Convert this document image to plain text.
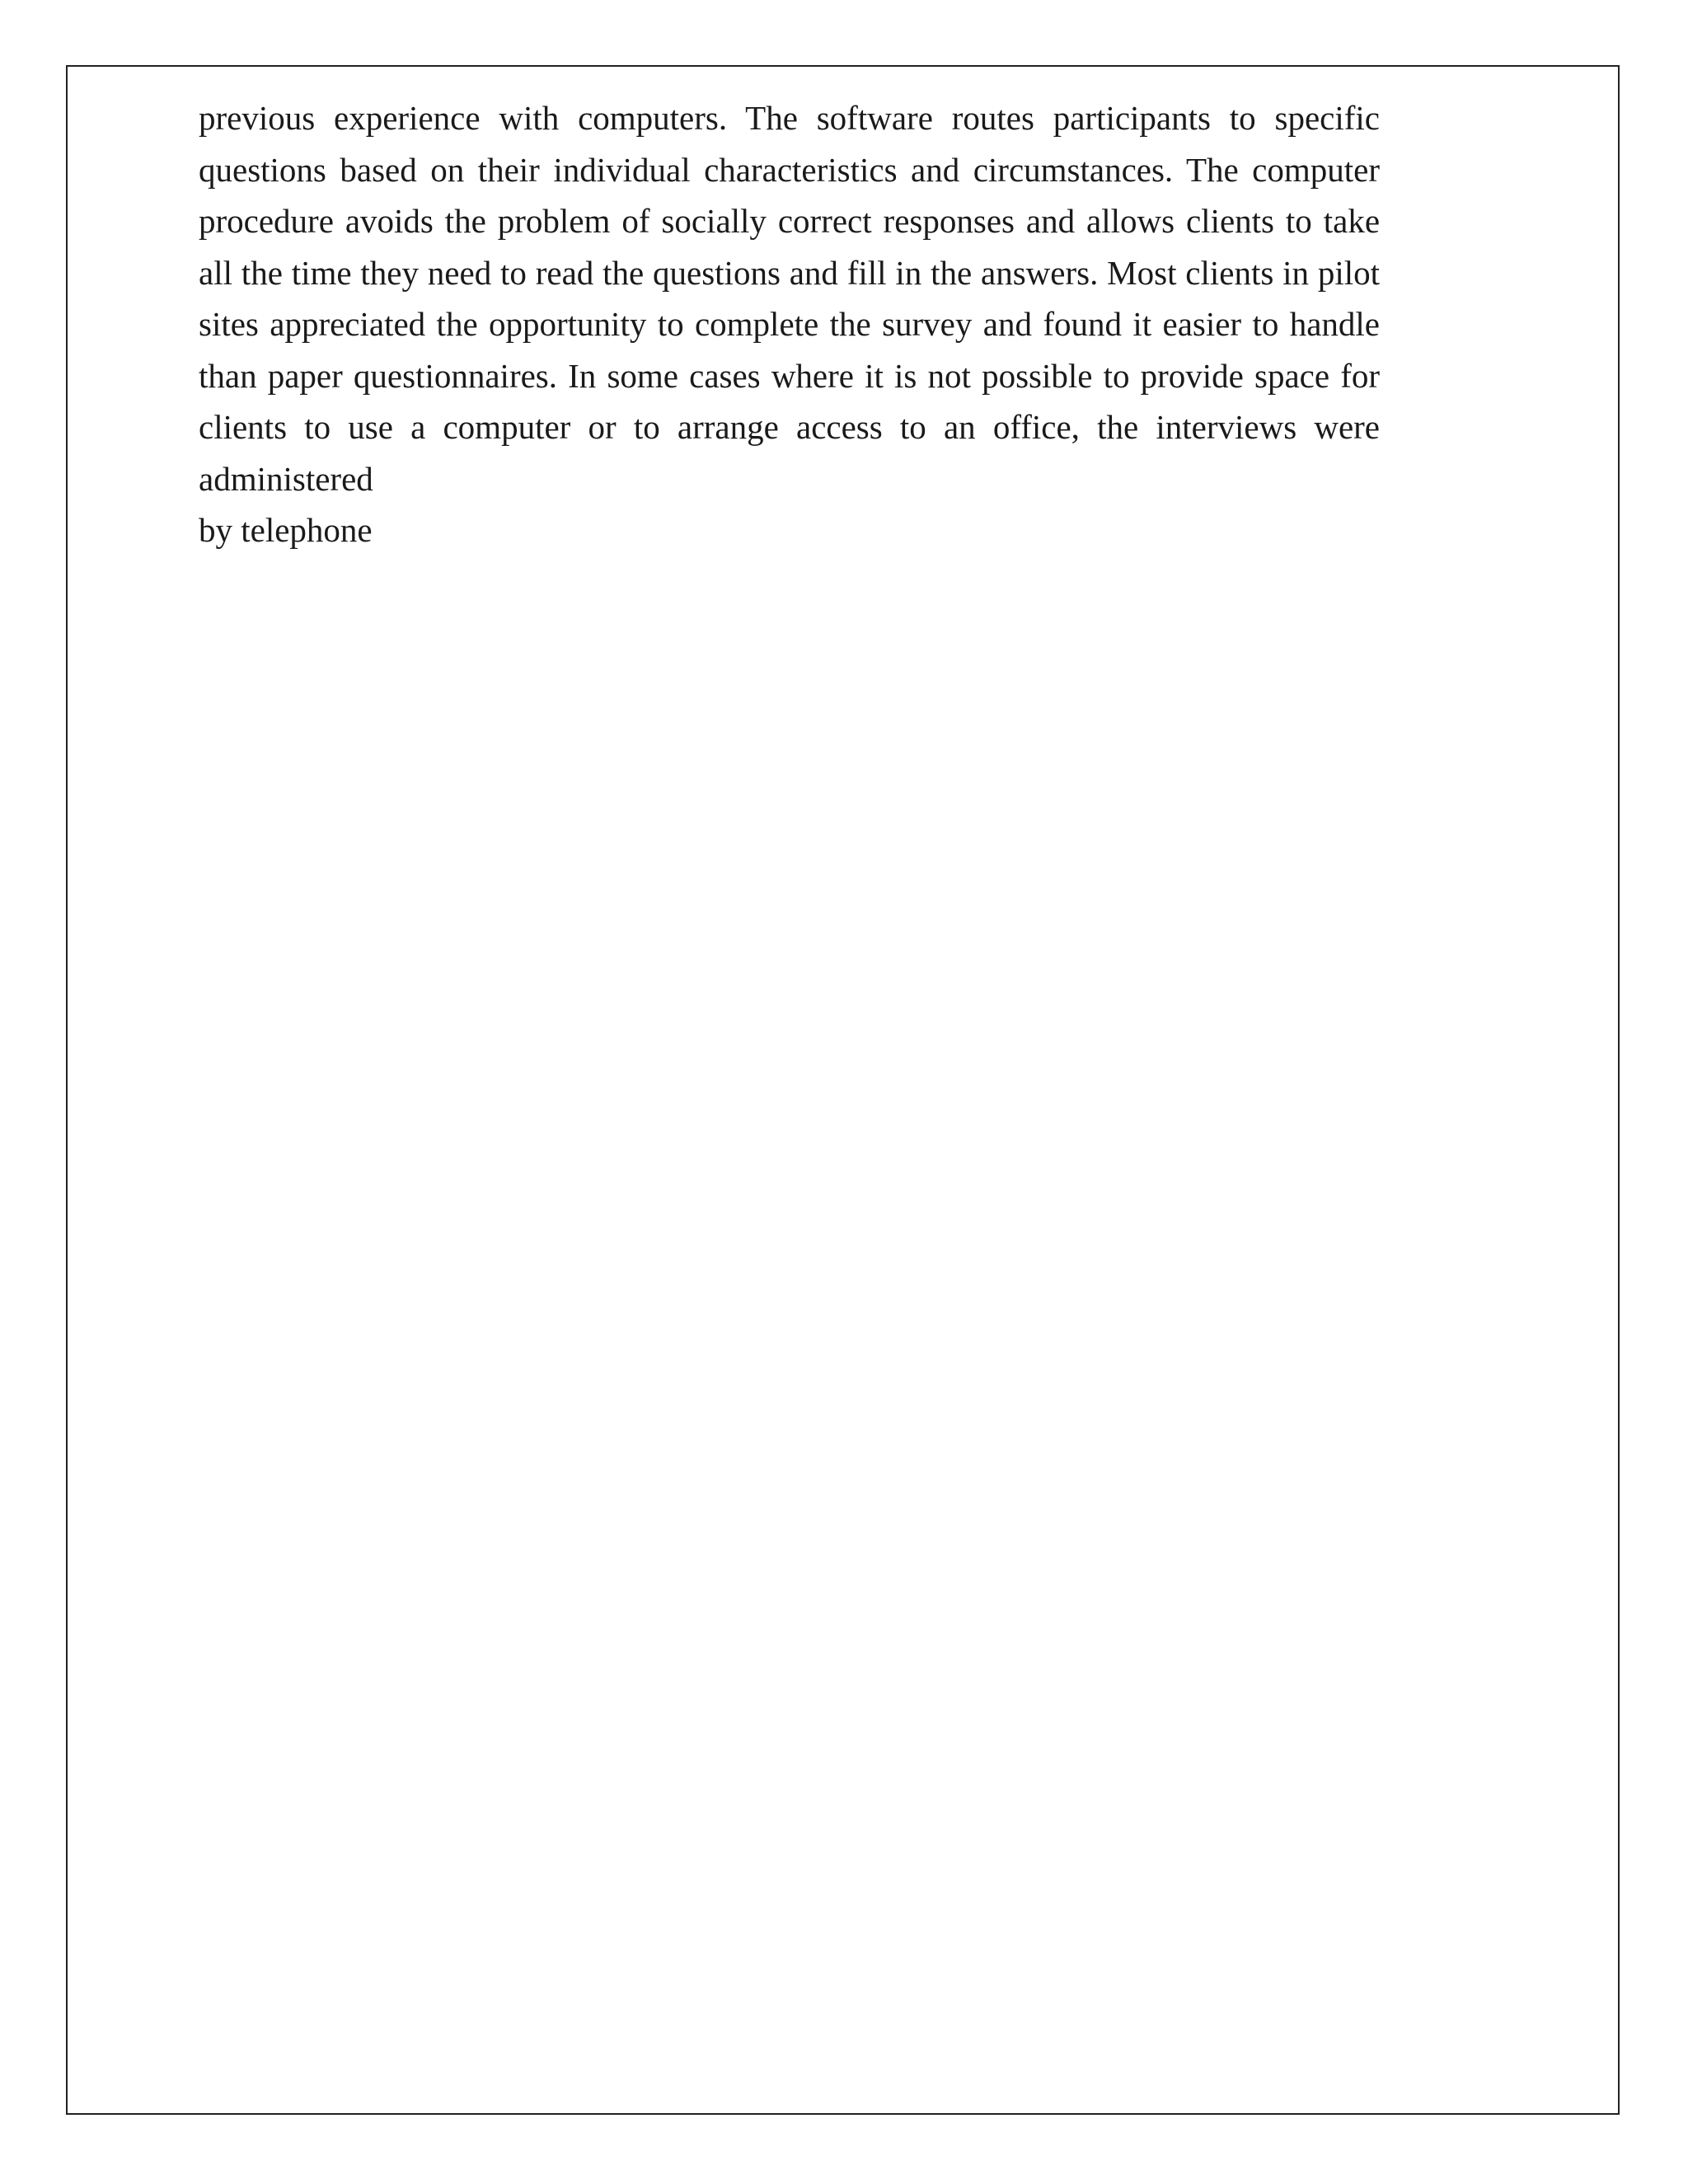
previous experience with computers. The software routes participants to specific questions based on their individual characteristics and circumstances. The computer procedure avoids the problem of socially correct responses and allows clients to take all the time they need to read the questions and fill in the answers. Most clients in pilot sites appreciated the opportunity to complete the survey and found it easier to handle than paper questionnaires. In some cases where it is not possible to provide space for clients to use a computer or to arrange access to an office, the interviews were administered

by telephone
